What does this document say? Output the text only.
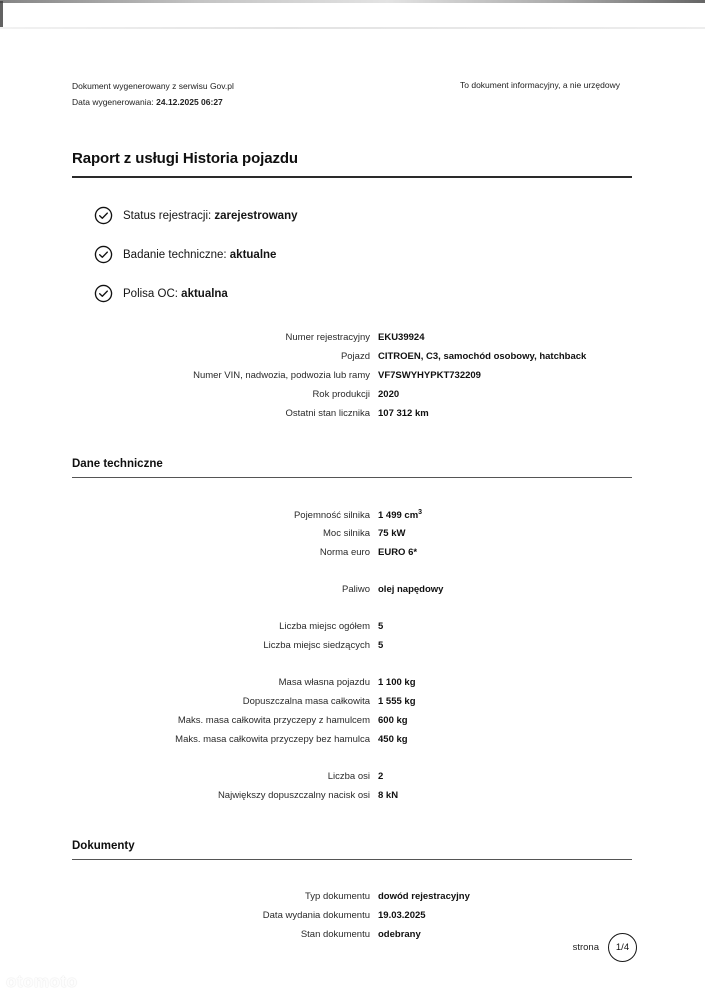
Dokument wygenerowany z serwisu Gov.pl
Data wygenerowania: 24.12.2025 06:27
To dokument informacyjny, a nie urzędowy
Raport z usługi Historia pojazdu
Status rejestracji: zarejestrowany
Badanie techniczne: aktualne
Polisa OC: aktualna
Numer rejestracyjny EKU39924
Pojazd CITROEN, C3, samochód osobowy, hatchback
Numer VIN, nadwozia, podwozia lub ramy VF7SWYHYPKT732209
Rok produkcji 2020
Ostatni stan licznika 107 312 km
Dane techniczne
Pojemność silnika 1 499 $cm^3$
Moc silnika 75 kW
Norma euro EURO 6*
Paliwo olej napędowy
Liczba miejsc ogółem 5
Liczba miejsc siedzących 5
Masa własna pojazdu 1 100 kg
Dopuszczalna masa całkowita 1 555 kg
Maks. masa całkowita przyczepy z hamulcem 600 kg
Maks. masa całkowita przyczepy bez hamulca 450 kg
Liczba osi 2
Największy dopuszczalny nacisk osi 8 kN
Dokumenty
Typ dokumentu dowód rejestracyjny
Data wydania dokumentu 19.03.2025
Stan dokumentu odebrany
strona	1/4
otomoto
